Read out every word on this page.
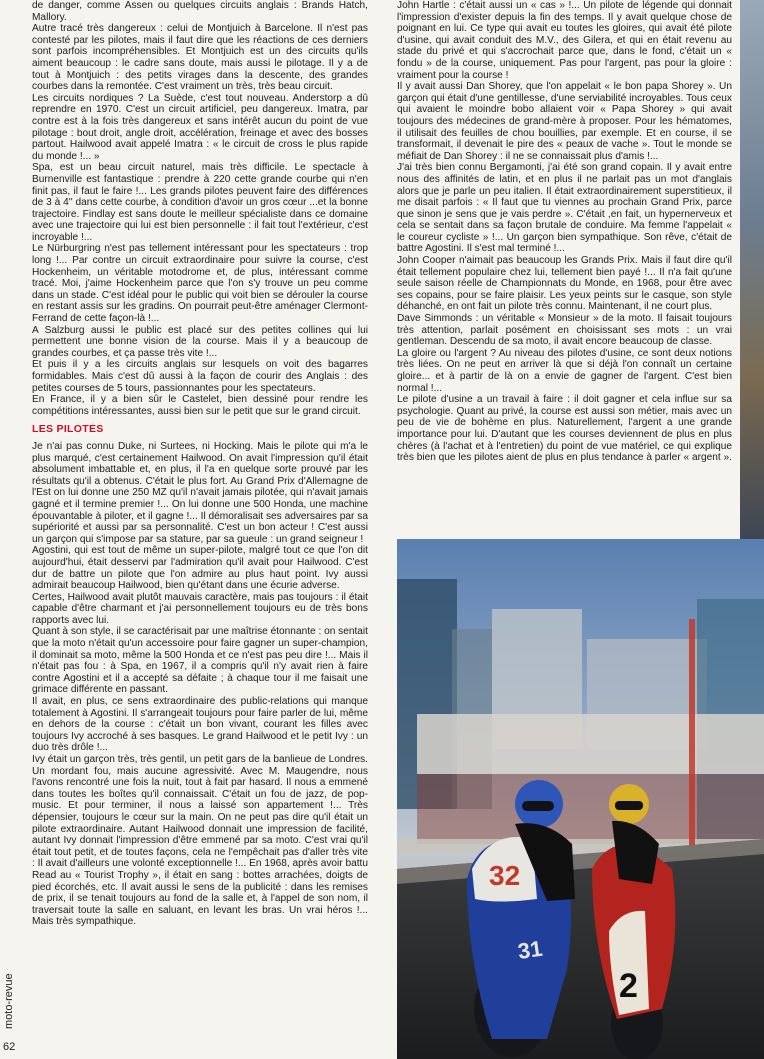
de danger, comme Assen ou quelques circuits anglais : Brands Hatch, Mallory.

Autre tracé très dangereux : celui de Montjuich à Barcelone. Il n'est pas contesté par les pilotes, mais il faut dire que les réactions de ces derniers sont parfois incompréhensibles. Et Montjuich est un des circuits qu'ils aiment beaucoup : le cadre sans doute, mais aussi le pilotage. Il y a de tout à Montjuich : des petits virages dans la descente, des grandes courbes dans la remontée. C'est vraiment un très, très beau circuit.

Les circuits nordiques ? La Suède, c'est tout nouveau. Anderstorp a dû reprendre en 1970. C'est un circuit artificiel, peu dangereux. Imatra, par contre est à la fois très dangereux et sans intérêt aucun du point de vue pilotage : bout droit, angle droit, accélération, freinage et avec des bosses partout. Hailwood avait appelé Imatra : « le circuit de cross le plus rapide du monde !... »

Spa, est un beau circuit naturel, mais très difficile. Le spectacle à Burnenville est fantastique : prendre à 220 cette grande courbe qui n'en finit pas, il faut le faire !... Les grands pilotes peuvent faire des différences de 3 à 4'' dans cette courbe, à condition d'avoir un gros cœur ...et la bonne trajectoire. Findlay est sans doute le meilleur spécialiste dans ce domaine avec une trajectoire qui lui est bien personnelle : il fait tout l'extérieur, c'est incroyable !...

Le Nürburgring n'est pas tellement intéressant pour les spectateurs : trop long !... Par contre un circuit extraordinaire pour suivre la course, c'est Hockenheim, un véritable motodrome et, de plus, intéressant comme tracé. Moi, j'aime Hockenheim parce que l'on s'y trouve un peu comme dans un stade. C'est idéal pour le public qui voit bien se dérouler la course en restant assis sur les gradins. On pourrait peut-être aménager Clermont-Ferrand de cette façon-là !...

A Salzburg aussi le public est placé sur des petites collines qui lui permettent une bonne vision de la course. Mais il y a beaucoup de grandes courbes, et ça passe très vite !...

Et puis il y a les circuits anglais sur lesquels on voit des bagarres formidables. Mais c'est dû aussi à la façon de courir des Anglais : des petites courses de 5 tours, passionnantes pour les spectateurs.

En France, il y a bien sûr le Castelet, bien dessiné pour rendre les compétitions intéressantes, aussi bien sur le petit que sur le grand circuit.

LES PILOTES

Je n'ai pas connu Duke, ni Surtees, ni Hocking. Mais le pilote qui m'a le plus marqué, c'est certainement Hailwood. On avait l'impression qu'il était absolument imbattable et, en plus, il l'a en quelque sorte prouvé par les résultats qu'il a obtenus. C'était le plus fort. Au Grand Prix d'Allemagne de l'Est on lui donne une 250 MZ qu'il n'avait jamais pilotée, qui n'avait jamais gagné et il termine premier !... On lui donne une 500 Honda, une machine épouvantable à piloter, et il gagne !... Il démoralisait ses adversaires par sa supériorité et aussi par sa personnalité. C'est un bon acteur ! C'est aussi un garçon qui s'impose par sa stature, par sa gueule : un grand seigneur !

Agostini, qui est tout de même un super-pilote, malgré tout ce que l'on dit aujourd'hui, était desservi par l'admiration qu'il avait pour Hailwood. C'est dur de battre un pilote que l'on admire au plus haut point. Ivy aussi admirait beaucoup Hailwood, bien qu'étant dans une écurie adverse.

Certes, Hailwood avait plutôt mauvais caractère, mais pas toujours : il était capable d'être charmant et j'ai personnellement toujours eu de très bons rapports avec lui.

Quant à son style, il se caractérisait par une maîtrise étonnante : on sentait que la moto n'était qu'un accessoire pour faire gagner un super-champion, il dominait sa moto, même la 500 Honda et ce n'est pas peu dire !... Mais il n'était pas fou : à Spa, en 1967, il a compris qu'il n'y avait rien à faire contre Agostini et il a accepté sa défaite ; à chaque tour il me faisait une grimace différente en passant.

Il avait, en plus, ce sens extraordinaire des public-relations qui manque totalement à Agostini. Il s'arrangeait toujours pour faire parler de lui, même en dehors de la course : c'était un bon vivant, courant les filles avec toujours Ivy accroché à ses basques. Le grand Hailwood et le petit Ivy : un duo très drôle !...

Ivy était un garçon très, très gentil, un petit gars de la banlieue de Londres. Un mordant fou, mais aucune agressivité. Avec M. Maugendre, nous l'avons rencontré une fois la nuit, tout à fait par hasard. Il nous a emmené dans toutes les boîtes qu'il connaissait. C'était un fou de jazz, de pop-music. Et pour terminer, il nous a laissé son appartement !... Très dépensier, toujours le cœur sur la main. On ne peut pas dire qu'il était un pilote extraordinaire. Autant Hailwood donnait une impression de facilité, autant Ivy donnait l'impression d'être emmené par sa moto. C'est vrai qu'il était tout petit, et de toutes façons, cela ne l'empêchait pas d'aller très vite : Il avait d'ailleurs une volonté exceptionnelle !... En 1968, après avoir battu Read au « Tourist Trophy », il était en sang : bottes arrachées, doigts de pied écorchés, etc. Il avait aussi le sens de la publicité : dans les remises de prix, il se tenait toujours au fond de la salle et, à l'appel de son nom, il traversait toute la salle en saluant, en levant les bras. Un vrai héros !... Mais très sympathique.

John Hartle : c'était aussi un « cas » !... Un pilote de légende qui donnait l'impression d'exister depuis la fin des temps. Il y avait quelque chose de poignant en lui. Ce type qui avait eu toutes les gloires, qui avait été pilote d'usine, qui avait conduit des M.V., des Gilera, et qui en était revenu au stade du privé et qui s'accrochait parce que, dans le fond, c'était un « fondu » de la course, uniquement. Pas pour l'argent, pas pour la gloire : vraiment pour la course !

Il y avait aussi Dan Shorey, que l'on appelait « le bon papa Shorey ». Un garçon qui était d'une gentillesse, d'une serviabilité incroyables. Tous ceux qui avaient le moindre bobo allaient voir « Papa Shorey » qui avait toujours des médecines de grand-mère à proposer. Pour les hématomes, il utilisait des feuilles de chou bouillies, par exemple. Et en course, il se transformait, il devenait le pire des « peaux de vache ». Tout le monde se méfiait de Dan Shorey : il ne se connaissait plus d'amis !...

J'ai très bien connu Bergamonti, j'ai été son grand copain. Il y avait entre nous des affinités de latin, et en plus il ne parlait pas un mot d'anglais alors que je parle un peu italien. Il était extraordinairement superstitieux, il me disait parfois : « Il faut que tu viennes au prochain Grand Prix, parce que sinon je sens que je vais perdre ». C'était ,en fait, un hypernerveux et cela se sentait dans sa façon brutale de conduire. Ma femme l'appelait « le coureur cycliste » !... Un garçon bien sympathique. Son rêve, c'était de battre Agostini. Il s'est mal terminé !...

John Cooper n'aimait pas beaucoup les Grands Prix. Mais il faut dire qu'il était tellement populaire chez lui, tellement bien payé !... Il n'a fait qu'une seule saison réelle de Championnats du Monde, en 1968, pour être avec ses copains, pour se faire plaisir. Les yeux peints sur le casque, son style déhanché, en ont fait un pilote très connu. Maintenant, il ne court plus.

Dave Simmonds : un véritable « Monsieur » de la moto. Il faisait toujours très attention, parlait posément en choisissant ses mots : un vrai gentleman. Descendu de sa moto, il avait encore beaucoup de classe.

La gloire ou l'argent ? Au niveau des pilotes d'usine, ce sont deux notions très liées. On ne peut en arriver là que si déjà l'on connaît un certaine gloire... et à partir de là on a envie de gagner de l'argent. C'est bien normal !...

Le pilote d'usine a un travail à faire : il doit gagner et cela influe sur sa psychologie. Quant au privé, la course est aussi son métier, mais avec un peu de vie de bohème en plus. Naturellement, l'argent a une grande importance pour lui. D'autant que les courses deviennent de plus en plus chères (à l'achat et à l'entretien) du point de vue matériel, ce qui explique très bien que les pilotes aient de plus en plus tendance à parler « argent ».

32
31
2
moto-revue
62
